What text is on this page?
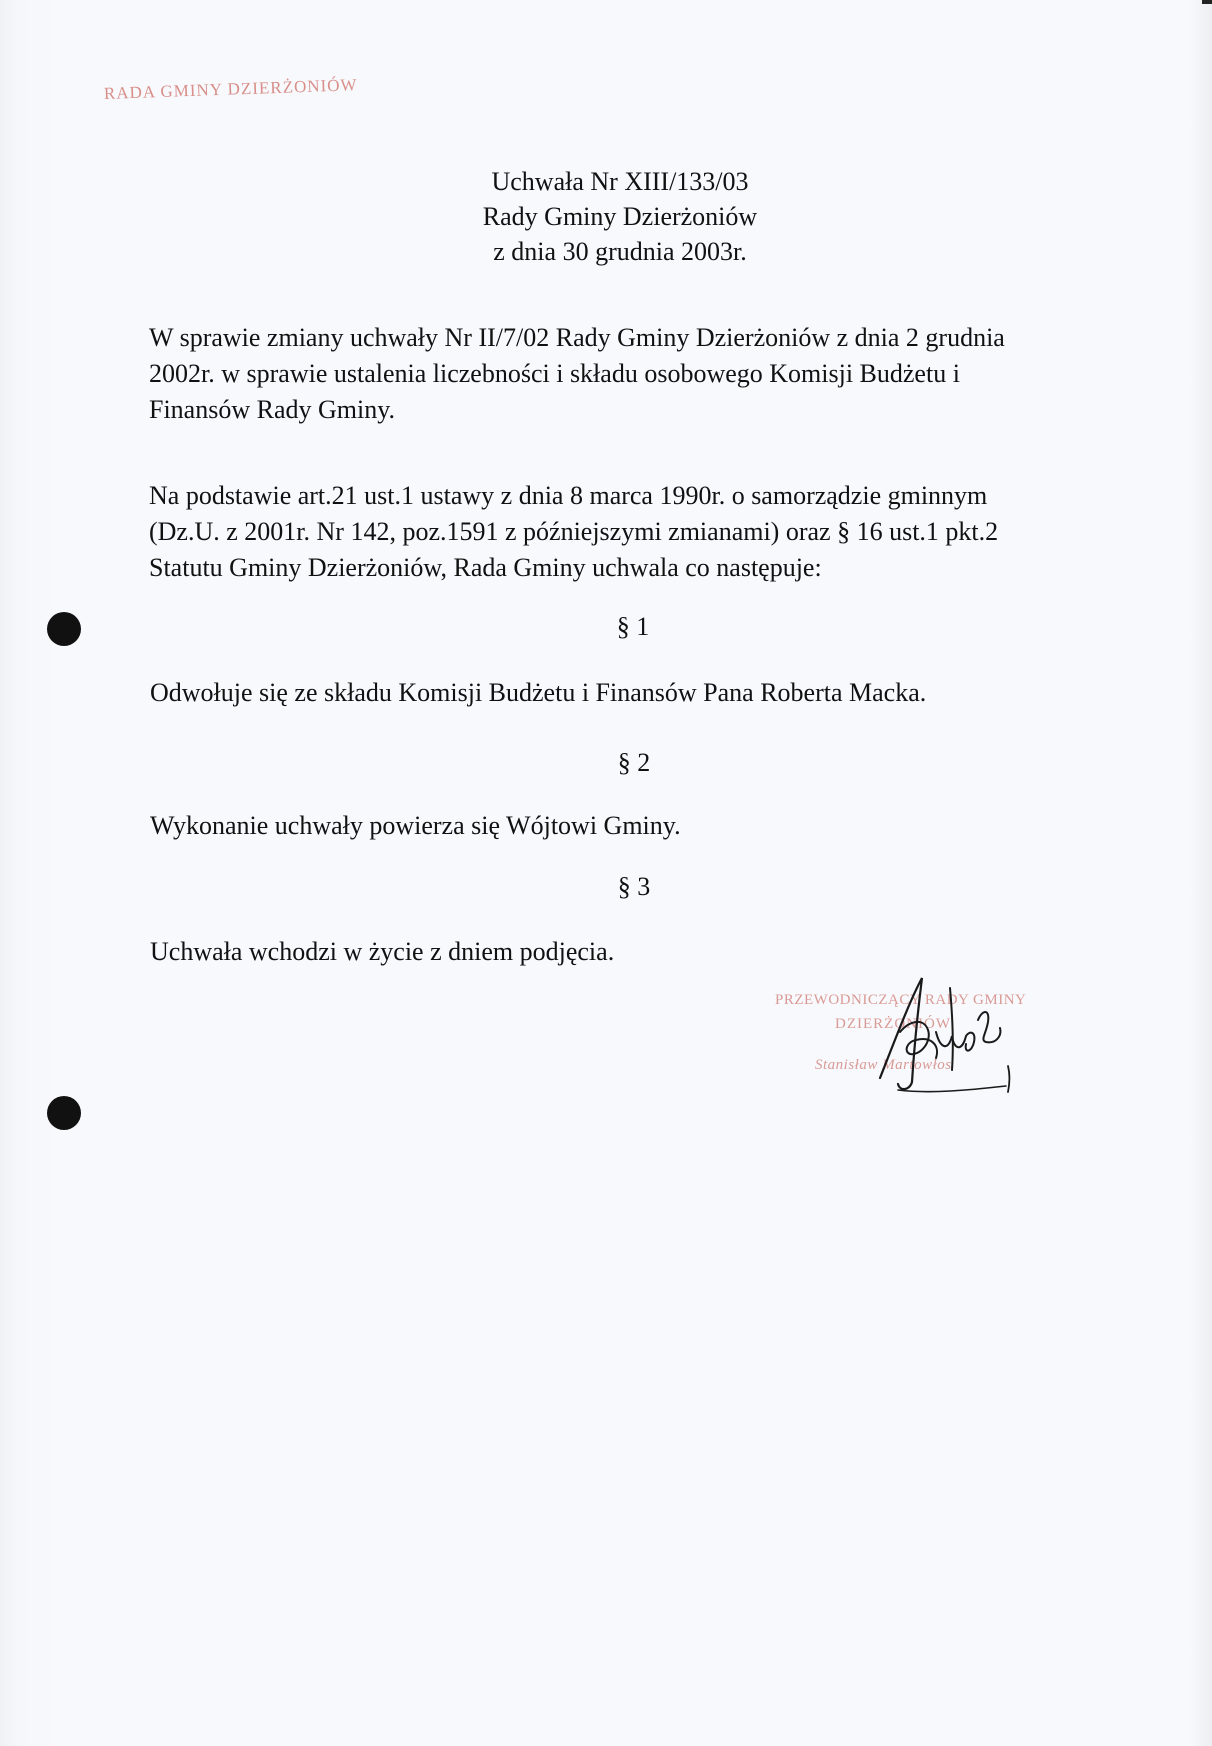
RADA GMINY DZIERŻONIÓW
Uchwała Nr XIII/133/03
Rady Gminy Dzierżoniów
z dnia 30 grudnia 2003r.
W sprawie zmiany uchwały Nr II/7/02 Rady Gminy Dzierżoniów z dnia 2 grudnia
2002r. w sprawie ustalenia liczebności i składu osobowego Komisji Budżetu i
Finansów Rady Gminy.
Na podstawie art.21 ust.1 ustawy z dnia 8 marca 1990r. o samorządzie gminnym
(Dz.U. z 2001r. Nr 142, poz.1591 z późniejszymi zmianami) oraz § 16 ust.1 pkt.2
Statutu Gminy Dzierżoniów, Rada Gminy uchwala co następuje:
§ 1
Odwołuje się ze składu Komisji Budżetu i Finansów Pana Roberta Macka.
§ 2
Wykonanie uchwały powierza się Wójtowi Gminy.
§ 3
Uchwała wchodzi w życie z dniem podjęcia.
PRZEWODNICZĄCY RADY GMINY
DZIERŻONIÓW
Stanisław Martowłos
